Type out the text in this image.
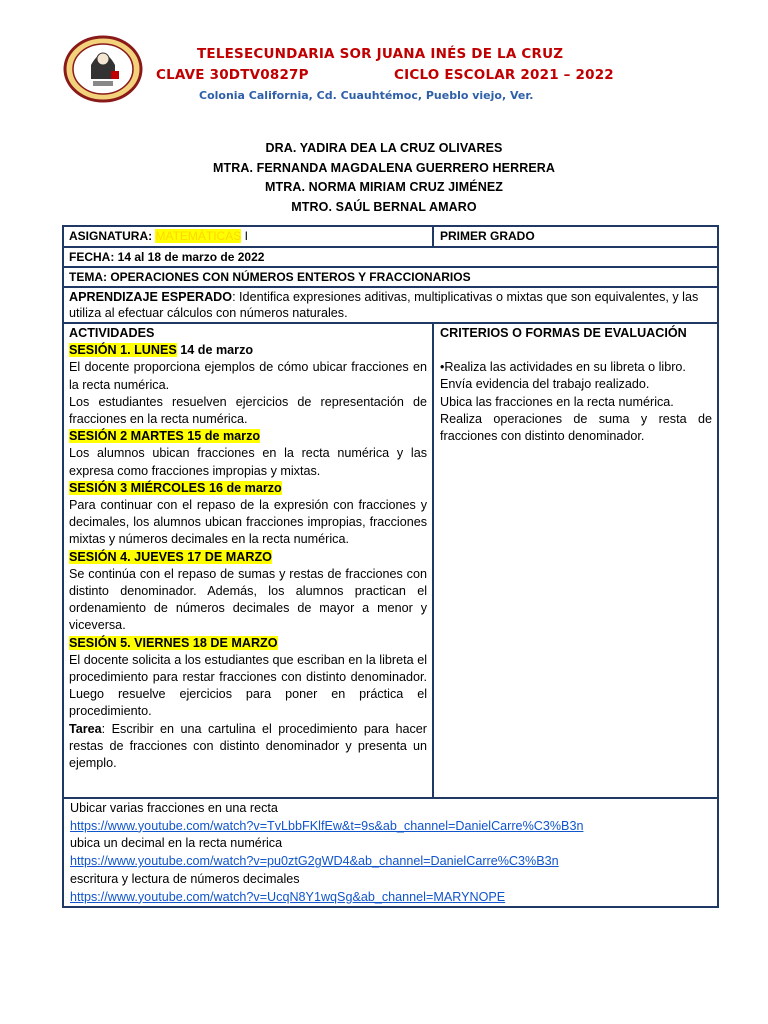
TELESECUNDARIA SOR JUANA INÉS DE LA CRUZ
CLAVE 30DTV0827P	CICLO ESCOLAR 2021 – 2022
Colonia California, Cd. Cuauhtémoc, Pueblo viejo, Ver.
DRA. YADIRA DEA LA CRUZ OLIVARES
MTRA. FERNANDA MAGDALENA GUERRERO HERRERA
MTRA. NORMA MIRIAM CRUZ JIMÉNEZ
MTRO. SAÚL BERNAL AMARO
ASIGNATURA: MATEMÁTICAS I	PRIMER GRADO
FECHA: 14 al 18 de marzo de 2022
TEMA: OPERACIONES CON NÚMEROS ENTEROS Y FRACCIONARIOS
APRENDIZAJE ESPERADO: Identifica expresiones aditivas, multiplicativas o mixtas que son equivalentes, y las utiliza al efectuar cálculos con números naturales.
ACTIVIDADES
SESIÓN 1. LUNES 14 de marzo

El docente proporciona ejemplos de cómo ubicar fracciones en la recta numérica.

Los estudiantes resuelven ejercicios de representación de fracciones en la recta numérica.

SESIÓN 2 MARTES 15 de marzo

Los alumnos ubican fracciones en la recta numérica y las expresa como fracciones impropias y mixtas.

SESIÓN 3 MIÉRCOLES 16 de marzo

Para continuar con el repaso de la expresión con fracciones y decimales, los alumnos ubican fracciones impropias, fracciones mixtas y números decimales en la recta numérica.

SESIÓN 4. JUEVES 17 DE MARZO

Se continúa con el repaso de sumas y restas de fracciones con distinto denominador. Además, los alumnos practican el ordenamiento de números decimales de mayor a menor y viceversa.

SESIÓN 5. VIERNES 18 DE MARZO

El docente solicita a los estudiantes que escriban en la libreta el procedimiento para restar fracciones con distinto denominador. Luego resuelve ejercicios para poner en práctica el procedimiento.

Tarea: Escribir en una cartulina el procedimiento para hacer restas de fracciones con distinto denominador y presenta un ejemplo.

CRITERIOS O FORMAS DE EVALUACIÓN

•Realiza las actividades en su libreta o libro.

Envía evidencia del trabajo realizado.

Ubica las fracciones en la recta numérica.

Realiza operaciones de suma y resta de fracciones con distinto denominador.

Ubicar varias fracciones en una recta
https://www.youtube.com/watch?v=TvLbbFKlfEw&t=9s&ab_channel=DanielCarre%C3%B3n
ubica un decimal en la recta numérica
https://www.youtube.com/watch?v=pu0ztG2gWD4&ab_channel=DanielCarre%C3%B3n
escritura y lectura de números decimales
https://www.youtube.com/watch?v=UcqN8Y1wqSg&ab_channel=MARYNOPE
